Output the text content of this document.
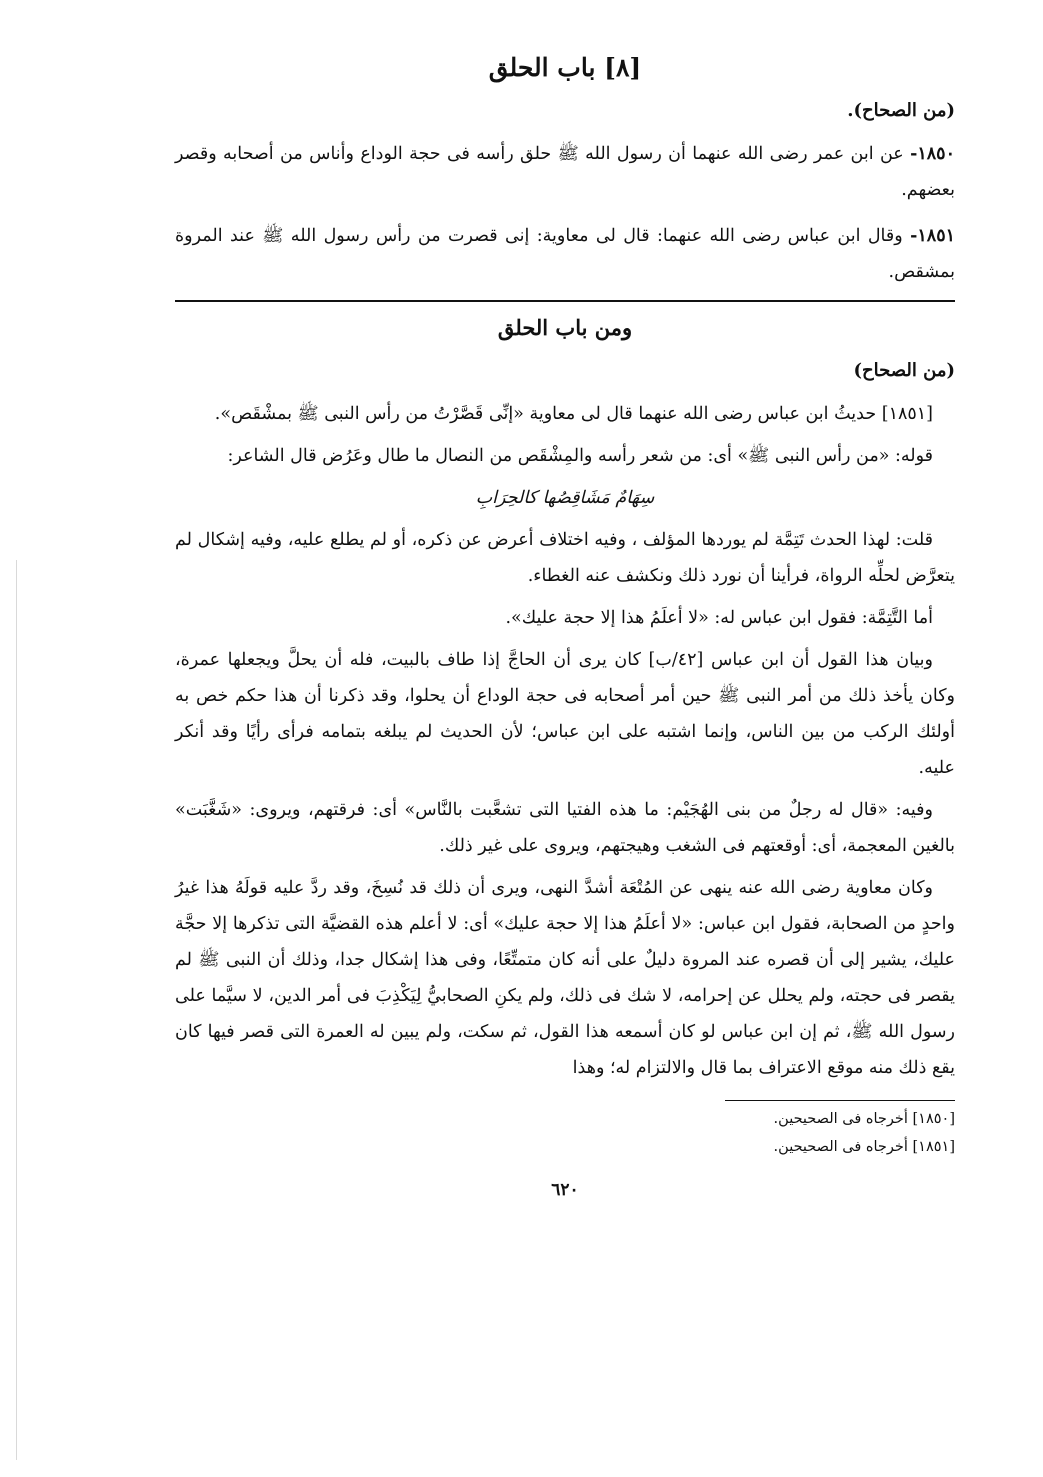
[٨] باب الحلق
(من الصحاح).

١٨٥٠- عن ابن عمر رضى الله عنهما أن رسول الله ﷺ حلق رأسه فى حجة الوداع وأناس من أصحابه وقصر بعضهم.

١٨٥١- وقال ابن عباس رضى الله عنهما: قال لى معاوية: إنى قصرت من رأس رسول الله ﷺ عند المروة بمشقص.

ومن باب الحلق
(من الصحاح)

[١٨٥١] حديثُ ابن عباس رضى الله عنهما قال لى معاوية «إنِّى قَصَّرْتُ من رأس النبى ﷺ بمشْقَص».

قوله: «من رأس النبى ﷺ» أى: من شعر رأسه والمِشْقَص من النصال ما طال وعَرُض قال الشاعر:

سِهَامٌ مَشَاقِصُها كالحِرَابِ

قلت: لهذا الحدث تَتِمَّة لم يوردها المؤلف ، وفيه اختلاف أعرض عن ذكره، أو لم يطلع عليه، وفيه إشكال لم يتعرَّض لحلِّه الرواة، فرأينا أن نورد ذلك ونكشف عنه الغطاء.

أما التَّتِمَّة: فقول ابن عباس له: «لا أعلَمُ هذا إلا حجة عليك».

وبيان هذا القول أن ابن عباس [٤٢/ب] كان يرى أن الحاجَّ إذا طاف بالبيت، فله أن يحلَّ ويجعلها عمرة، وكان يأخذ ذلك من أمر النبى ﷺ حين أمر أصحابه فى حجة الوداع أن يحلوا، وقد ذكرنا أن هذا حكم خص به أولئك الركب من بين الناس، وإنما اشتبه على ابن عباس؛ لأن الحديث لم يبلغه بتمامه فرأى رأيًا وقد أنكر عليه.

وفيه: «قال له رجلٌ من بنى الهُجَيْم: ما هذه الفتيا التى تشعَّبت بالنَّاس» أى: فرقتهم، ويروى: «شَغَّبَت» بالغين المعجمة، أى: أوقعتهم فى الشغب وهيجتهم، ويروى على غير ذلك.

وكان معاوية رضى الله عنه ينهى عن المُتْعَة أشدَّ النهى، ويرى أن ذلك قد نُسِخَ، وقد ردَّ عليه قولَهُ هذا غيرُ واحدٍ من الصحابة، فقول ابن عباس: «لا أعلَمُ هذا إلا حجة عليك» أى: لا أعلم هذه القضيَّة التى تذكرها إلا حجَّة عليك، يشير إلى أن قصره عند المروة دليلٌ على أنه كان متمتِّعًا، وفى هذا إشكال جدا، وذلك أن النبى ﷺ لم يقصر فى حجته، ولم يحلل عن إحرامه، لا شك فى ذلك، ولم يكنِ الصحابيُّ لِيَكْذِبَ فى أمر الدين، لا سيَّما على رسول الله ﷺ، ثم إن ابن عباس لو كان أسمعه هذا القول، ثم سكت، ولم يبين له العمرة التى قصر فيها كان يقع ذلك منه موقع الاعتراف بما قال والالتزام له؛ وهذا

[١٨٥٠] أخرجاه فى الصحيحين.

[١٨٥١] أخرجاه فى الصحيحين.

٦٢٠
